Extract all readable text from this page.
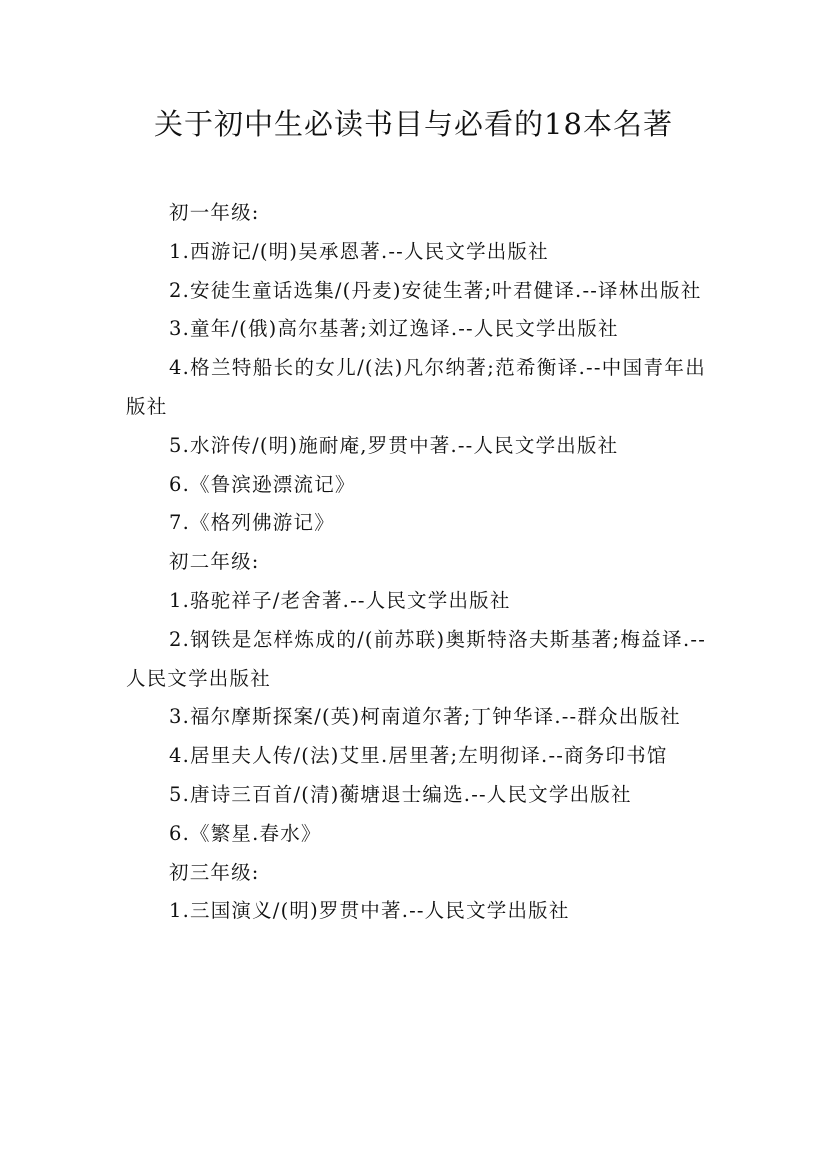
关于初中生必读书目与必看的18本名著

初一年级:

1.西游记/(明)吴承恩著.--人民文学出版社

2.安徒生童话选集/(丹麦)安徒生著;叶君健译.--译林出版社

3.童年/(俄)高尔基著;刘辽逸译.--人民文学出版社

4.格兰特船长的女儿/(法)凡尔纳著;范希衡译.--中国青年出版社

5.水浒传/(明)施耐庵,罗贯中著.--人民文学出版社

6.《鲁滨逊漂流记》

7.《格列佛游记》

初二年级:

1.骆驼祥子/老舍著.--人民文学出版社

2.钢铁是怎样炼成的/(前苏联)奥斯特洛夫斯基著;梅益译.--人民文学出版社

3.福尔摩斯探案/(英)柯南道尔著;丁钟华译.--群众出版社

4.居里夫人传/(法)艾里.居里著;左明彻译.--商务印书馆

5.唐诗三百首/(清)蘅塘退士编选.--人民文学出版社

6.《繁星.春水》

初三年级:

1.三国演义/(明)罗贯中著.--人民文学出版社
